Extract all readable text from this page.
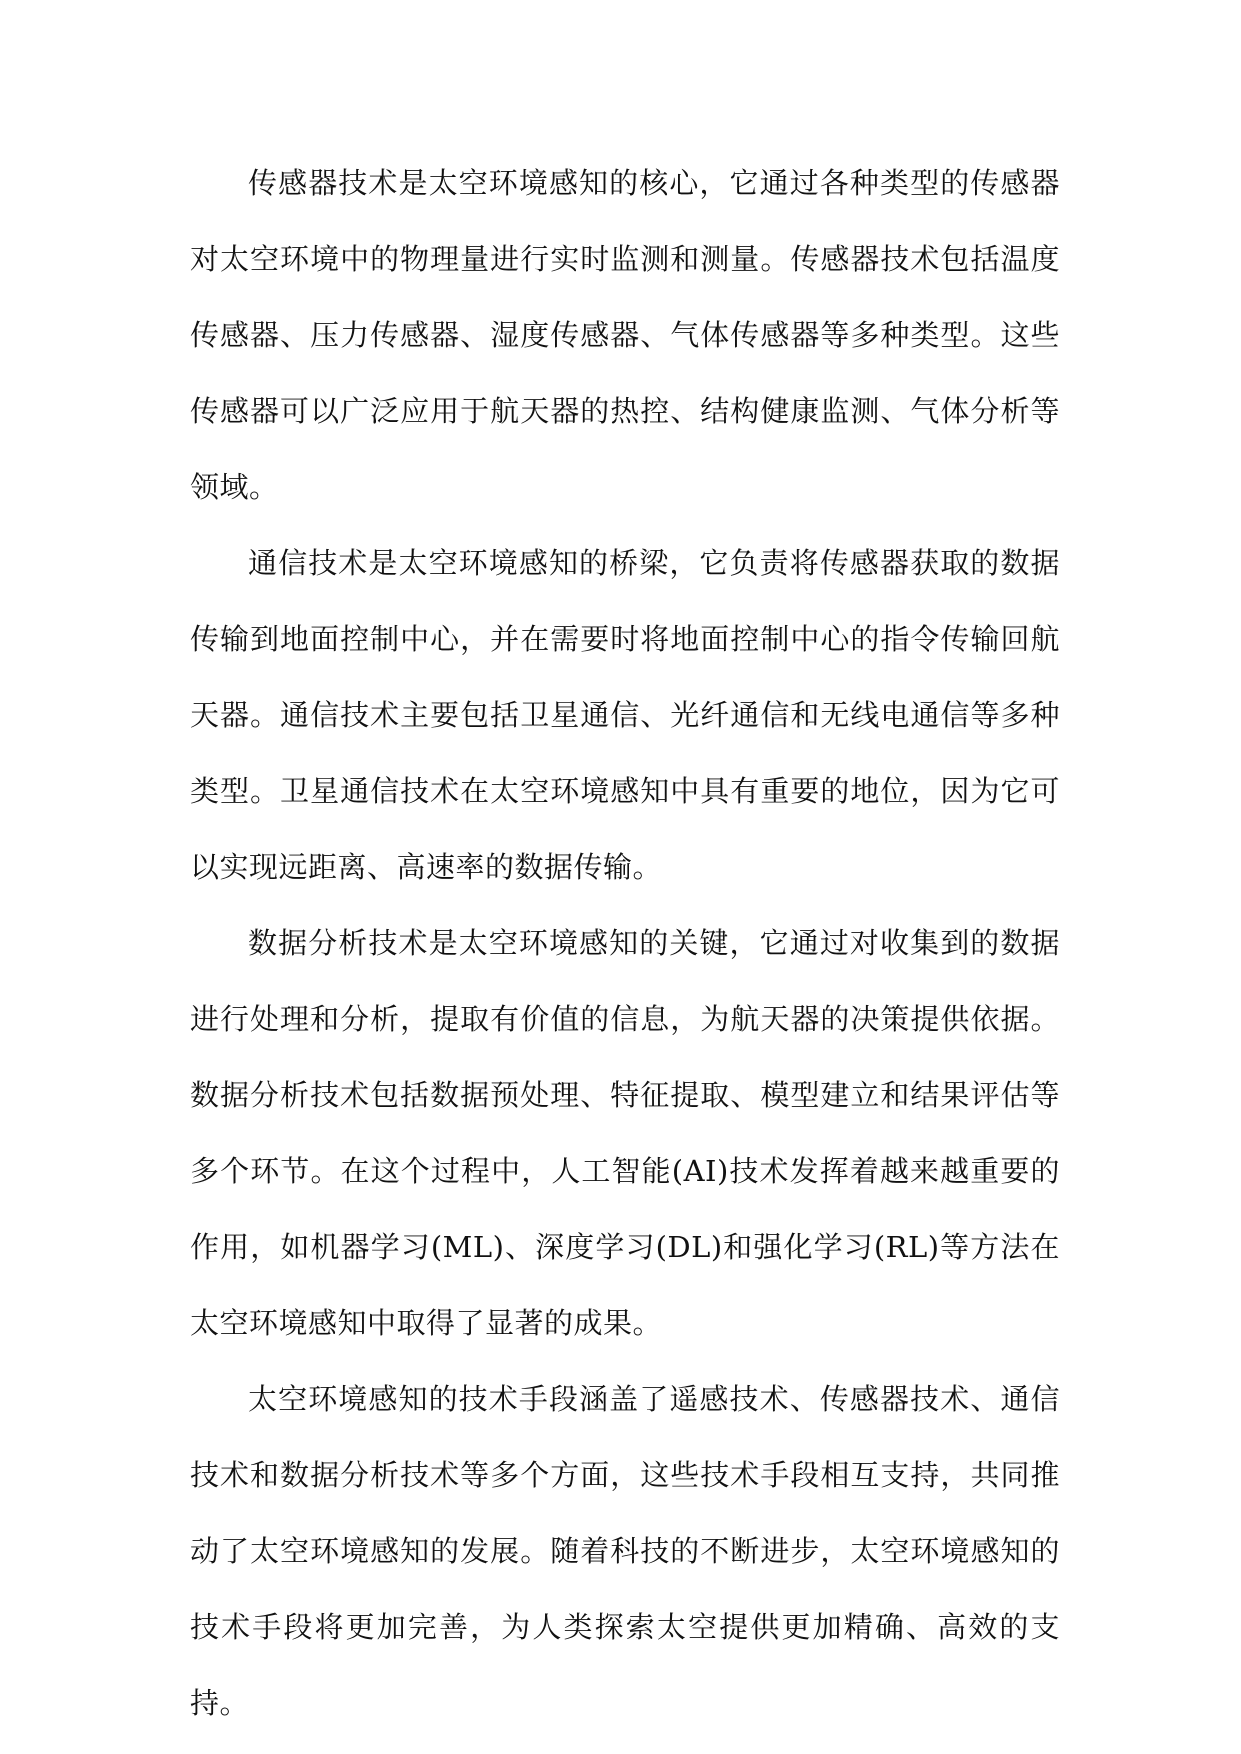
传感器技术是太空环境感知的核心，它通过各种类型的传感器对太空环境中的物理量进行实时监测和测量。传感器技术包括温度传感器、压力传感器、湿度传感器、气体传感器等多种类型。这些传感器可以广泛应用于航天器的热控、结构健康监测、气体分析等领域。

通信技术是太空环境感知的桥梁，它负责将传感器获取的数据传输到地面控制中心，并在需要时将地面控制中心的指令传输回航天器。通信技术主要包括卫星通信、光纤通信和无线电通信等多种类型。卫星通信技术在太空环境感知中具有重要的地位，因为它可以实现远距离、高速率的数据传输。

数据分析技术是太空环境感知的关键，它通过对收集到的数据进行处理和分析，提取有价值的信息，为航天器的决策提供依据。数据分析技术包括数据预处理、特征提取、模型建立和结果评估等多个环节。在这个过程中，人工智能(AI)技术发挥着越来越重要的作用，如机器学习(ML)、深度学习(DL)和强化学习(RL)等方法在太空环境感知中取得了显著的成果。

太空环境感知的技术手段涵盖了遥感技术、传感器技术、通信技术和数据分析技术等多个方面，这些技术手段相互支持，共同推动了太空环境感知的发展。随着科技的不断进步，太空环境感知的技术手段将更加完善，为人类探索太空提供更加精确、高效的支持。
